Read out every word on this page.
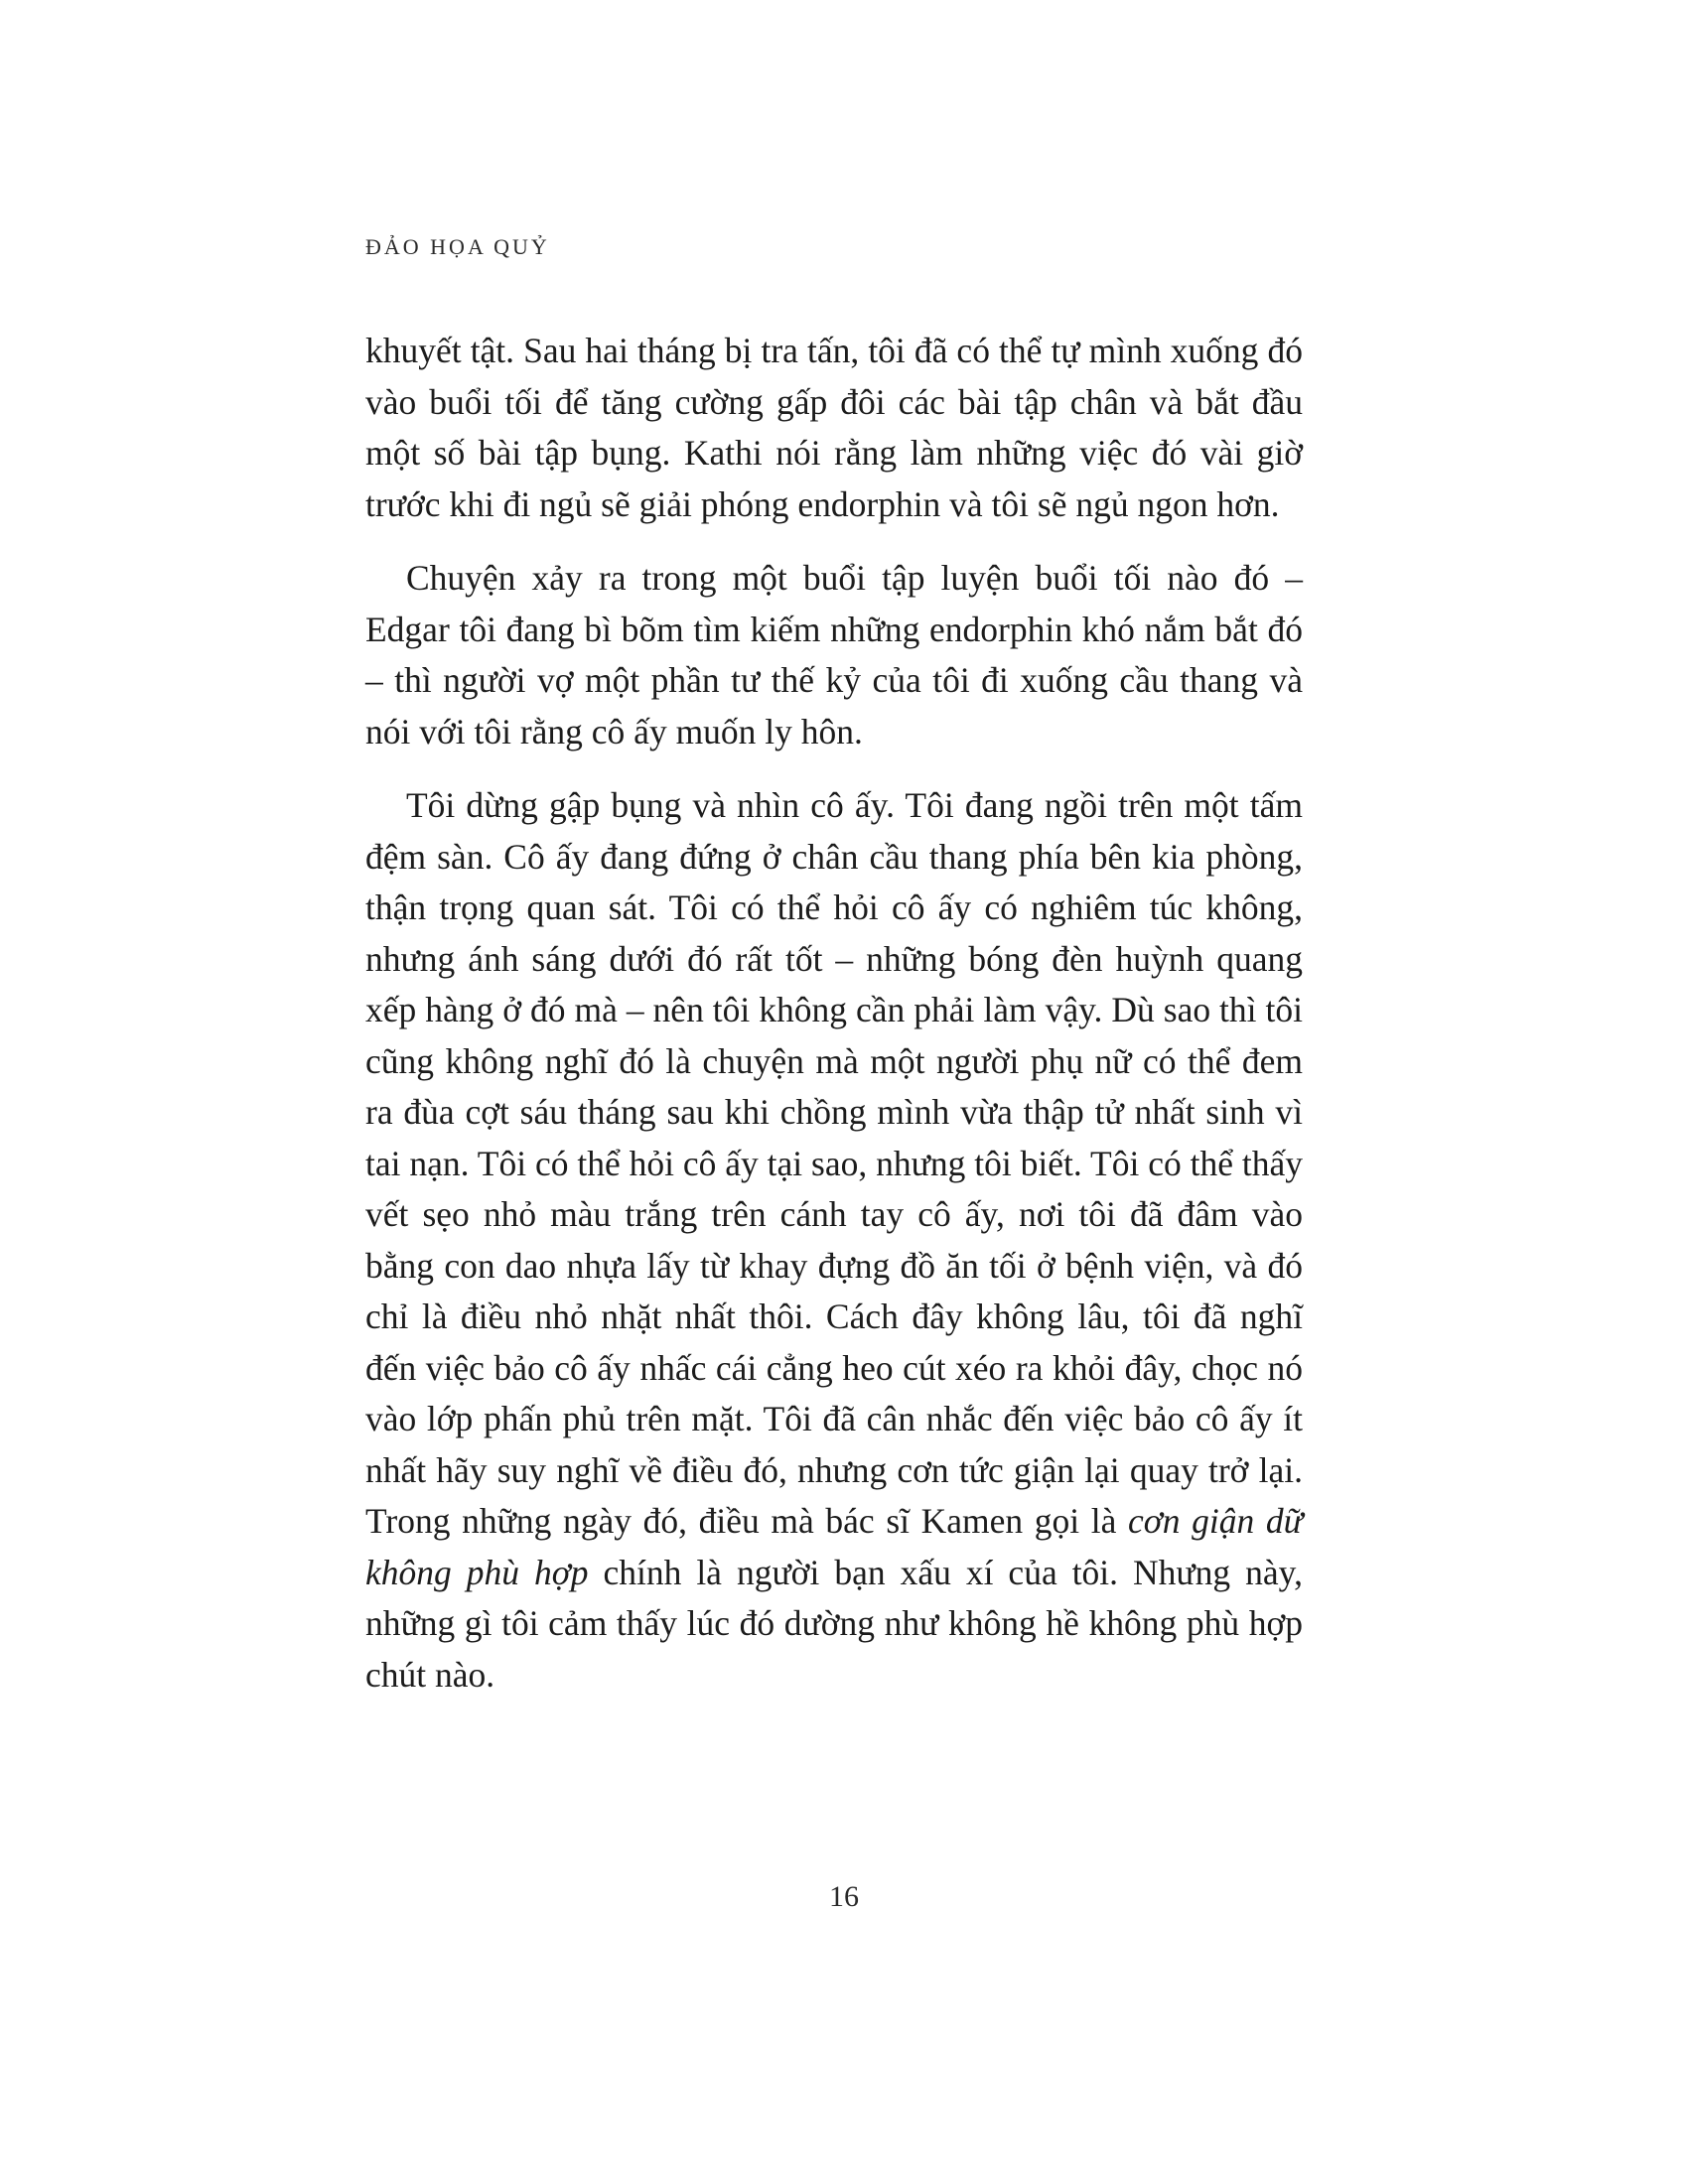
ĐẢO HỌA QUỶ

khuyết tật. Sau hai tháng bị tra tấn, tôi đã có thể tự mình xuống đó vào buổi tối để tăng cường gấp đôi các bài tập chân và bắt đầu một số bài tập bụng. Kathi nói rằng làm những việc đó vài giờ trước khi đi ngủ sẽ giải phóng endorphin và tôi sẽ ngủ ngon hơn.

Chuyện xảy ra trong một buổi tập luyện buổi tối nào đó – Edgar tôi đang bì bõm tìm kiếm những endorphin khó nắm bắt đó – thì người vợ một phần tư thế kỷ của tôi đi xuống cầu thang và nói với tôi rằng cô ấy muốn ly hôn.

Tôi dừng gập bụng và nhìn cô ấy. Tôi đang ngồi trên một tấm đệm sàn. Cô ấy đang đứng ở chân cầu thang phía bên kia phòng, thận trọng quan sát. Tôi có thể hỏi cô ấy có nghiêm túc không, nhưng ánh sáng dưới đó rất tốt – những bóng đèn huỳnh quang xếp hàng ở đó mà – nên tôi không cần phải làm vậy. Dù sao thì tôi cũng không nghĩ đó là chuyện mà một người phụ nữ có thể đem ra đùa cợt sáu tháng sau khi chồng mình vừa thập tử nhất sinh vì tai nạn. Tôi có thể hỏi cô ấy tại sao, nhưng tôi biết. Tôi có thể thấy vết sẹo nhỏ màu trắng trên cánh tay cô ấy, nơi tôi đã đâm vào bằng con dao nhựa lấy từ khay đựng đồ ăn tối ở bệnh viện, và đó chỉ là điều nhỏ nhặt nhất thôi. Cách đây không lâu, tôi đã nghĩ đến việc bảo cô ấy nhấc cái cẳng heo cút xéo ra khỏi đây, chọc nó vào lớp phấn phủ trên mặt. Tôi đã cân nhắc đến việc bảo cô ấy ít nhất hãy suy nghĩ về điều đó, nhưng cơn tức giận lại quay trở lại. Trong những ngày đó, điều mà bác sĩ Kamen gọi là cơn giận dữ không phù hợp chính là người bạn xấu xí của tôi. Nhưng này, những gì tôi cảm thấy lúc đó dường như không hề không phù hợp chút nào.

16
